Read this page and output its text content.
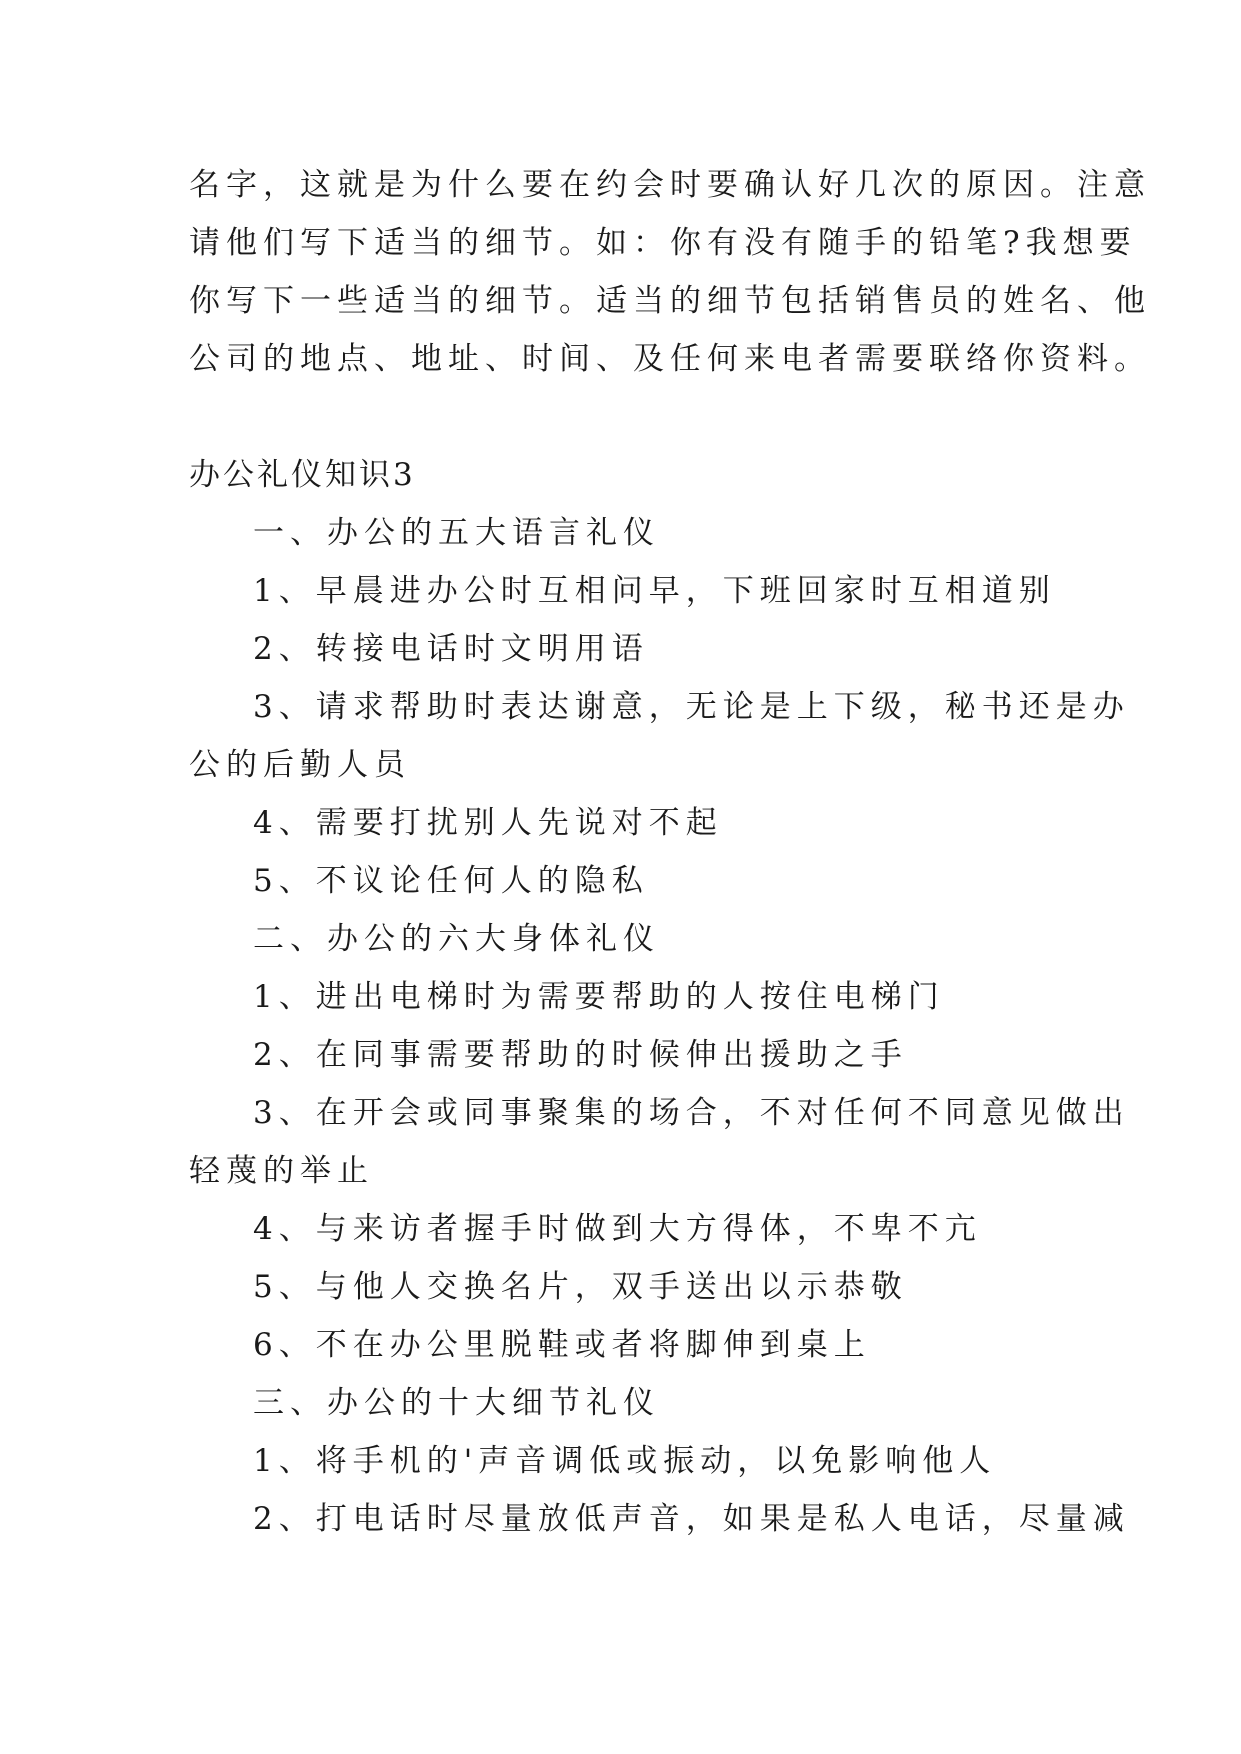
名字，这就是为什么要在约会时要确认好几次的原因。注意
请他们写下适当的细节。如：你有没有随手的铅笔?我想要
你写下一些适当的细节。适当的细节包括销售员的姓名、他
公司的地点、地址、时间、及任何来电者需要联络你资料。
办公礼仪知识3
一、办公的五大语言礼仪
1、早晨进办公时互相问早，下班回家时互相道别
2、转接电话时文明用语
3、请求帮助时表达谢意，无论是上下级，秘书还是办
公的后勤人员
4、需要打扰别人先说对不起
5、不议论任何人的隐私
二、办公的六大身体礼仪
1、进出电梯时为需要帮助的人按住电梯门
2、在同事需要帮助的时候伸出援助之手
3、在开会或同事聚集的场合，不对任何不同意见做出
轻蔑的举止
4、与来访者握手时做到大方得体，不卑不亢
5、与他人交换名片，双手送出以示恭敬
6、不在办公里脱鞋或者将脚伸到桌上
三、办公的十大细节礼仪
1、将手机的'声音调低或振动，以免影响他人
2、打电话时尽量放低声音，如果是私人电话，尽量减
